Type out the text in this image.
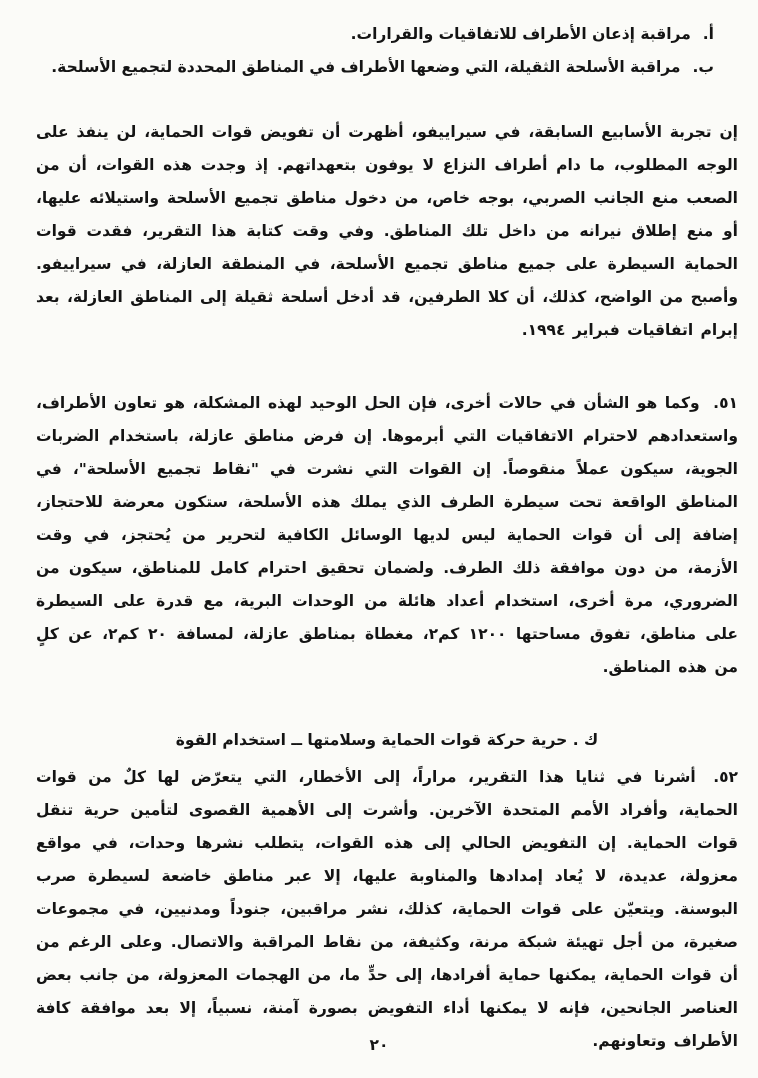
أ.
مراقبة إذعان الأطراف للاتفاقيات والقرارات.
ب.
مراقبة الأسلحة الثقيلة، التي وضعها الأطراف في المناطق المحددة لتجميع الأسلحة.

إن تجربة الأسابيع السابقة، في سيراييفو، أظهرت أن تفويض قوات الحماية، لن ينفذ على الوجه المطلوب، ما دام أطراف النزاع لا يوفون بتعهداتهم. إذ وجدت هذه القوات، أن من الصعب منع الجانب الصربي، بوجه خاص، من دخول مناطق تجميع الأسلحة واستيلائه عليها، أو منع إطلاق نيرانه من داخل تلك المناطق. وفي وقت كتابة هذا التقرير، فقدت قوات الحماية السيطرة على جميع مناطق تجميع الأسلحة، في المنطقة العازلة، في سيراييفو. وأصبح من الواضح، كذلك، أن كلا الطرفين، قد أدخل أسلحة ثقيلة إلى المناطق العازلة، بعد إبرام اتفاقيات فبراير ١٩٩٤.

٥١. وكما هو الشأن في حالات أخرى، فإن الحل الوحيد لهذه المشكلة، هو تعاون الأطراف، واستعدادهم لاحترام الاتفاقيات التي أبرموها. إن فرض مناطق عازلة، باستخدام الضربات الجوية، سيكون عملاً منقوصاً. إن القوات التي نشرت في "نقاط تجميع الأسلحة"، في المناطق الواقعة تحت سيطرة الطرف الذي يملك هذه الأسلحة، ستكون معرضة للاحتجاز، إضافة إلى أن قوات الحماية ليس لديها الوسائل الكافية لتحرير من يُحتجز، في وقت الأزمة، من دون موافقة ذلك الطرف. ولضمان تحقيق احترام كامل للمناطق، سيكون من الضروري، مرة أخرى، استخدام أعداد هائلة من الوحدات البرية، مع قدرة على السيطرة على مناطق، تفوق مساحتها ١٢٠٠ كم٢، مغطاة بمناطق عازلة، لمسافة ٢٠ كم٢، عن كلٍ من هذه المناطق.

ك . حرية حركة قوات الحماية وسلامتها ــ استخدام القوة

٥٢. أشرنا في ثنايا هذا التقرير، مراراً، إلى الأخطار، التي يتعرّض لها كلٌ من قوات الحماية، وأفراد الأمم المتحدة الآخرين. وأشرت إلى الأهمية القصوى لتأمين حرية تنقل قوات الحماية. إن التفويض الحالي إلى هذه القوات، يتطلب نشرها وحدات، في مواقع معزولة، عديدة، لا يُعاد إمدادها والمناوبة عليها، إلا عبر مناطق خاضعة لسيطرة صرب البوسنة. ويتعيّن على قوات الحماية، كذلك، نشر مراقبين، جنوداً ومدنيين، في مجموعات صغيرة، من أجل تهيئة شبكة مرنة، وكثيفة، من نقاط المراقبة والاتصال. وعلى الرغم من أن قوات الحماية، يمكنها حماية أفرادها، إلى حدٍّ ما، من الهجمات المعزولة، من جانب بعض العناصر الجانحين، فإنه لا يمكنها أداء التفويض بصورة آمنة، نسبياً، إلا بعد موافقة كافة الأطراف وتعاونهم.

٢٠
